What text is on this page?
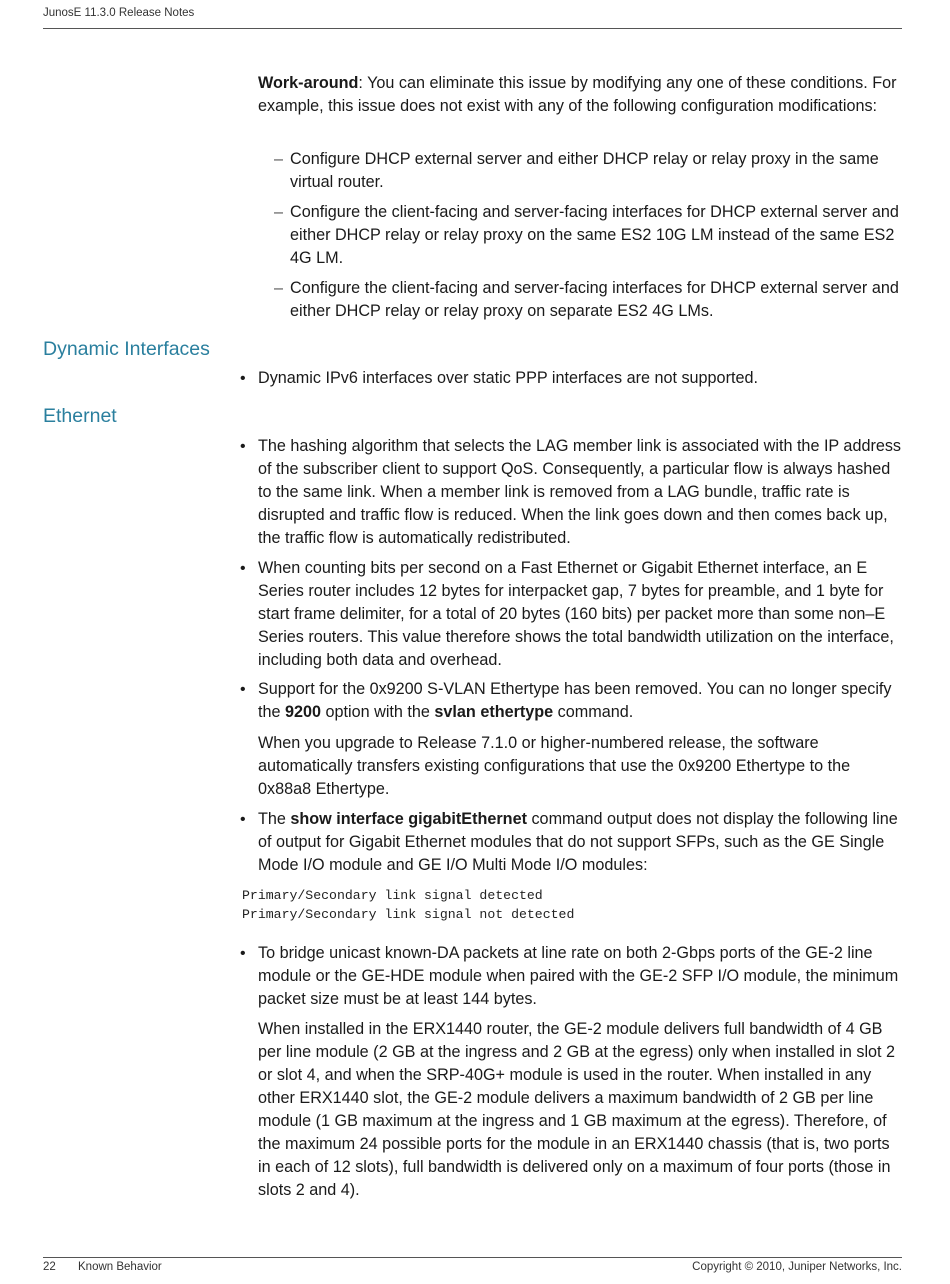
JunosE 11.3.0 Release Notes

Work-around: You can eliminate this issue by modifying any one of these conditions. For example, this issue does not exist with any of the following configuration modifications:

– Configure DHCP external server and either DHCP relay or relay proxy in the same virtual router.
– Configure the client-facing and server-facing interfaces for DHCP external server and either DHCP relay or relay proxy on the same ES2 10G LM instead of the same ES2 4G LM.
– Configure the client-facing and server-facing interfaces for DHCP external server and either DHCP relay or relay proxy on separate ES2 4G LMs.
Dynamic Interfaces
• Dynamic IPv6 interfaces over static PPP interfaces are not supported.
Ethernet
• The hashing algorithm that selects the LAG member link is associated with the IP address of the subscriber client to support QoS. Consequently, a particular flow is always hashed to the same link. When a member link is removed from a LAG bundle, traffic rate is disrupted and traffic flow is reduced. When the link goes down and then comes back up, the traffic flow is automatically redistributed.
• When counting bits per second on a Fast Ethernet or Gigabit Ethernet interface, an E Series router includes 12 bytes for interpacket gap, 7 bytes for preamble, and 1 byte for start frame delimiter, for a total of 20 bytes (160 bits) per packet more than some non–E Series routers. This value therefore shows the total bandwidth utilization on the interface, including both data and overhead.
• Support for the 0x9200 S-VLAN Ethertype has been removed. You can no longer specify the 9200 option with the svlan ethertype command.
When you upgrade to Release 7.1.0 or higher-numbered release, the software automatically transfers existing configurations that use the 0x9200 Ethertype to the 0x88a8 Ethertype.
• The show interface gigabitEthernet command output does not display the following line of output for Gigabit Ethernet modules that do not support SFPs, such as the GE Single Mode I/O module and GE I/O Multi Mode I/O modules:
Primary/Secondary link signal detected
Primary/Secondary link signal not detected
• To bridge unicast known-DA packets at line rate on both 2-Gbps ports of the GE-2 line module or the GE-HDE module when paired with the GE-2 SFP I/O module, the minimum packet size must be at least 144 bytes.
When installed in the ERX1440 router, the GE-2 module delivers full bandwidth of 4 GB per line module (2 GB at the ingress and 2 GB at the egress) only when installed in slot 2 or slot 4, and when the SRP-40G+ module is used in the router. When installed in any other ERX1440 slot, the GE-2 module delivers a maximum bandwidth of 2 GB per line module (1 GB maximum at the ingress and 1 GB maximum at the egress). Therefore, of the maximum 24 possible ports for the module in an ERX1440 chassis (that is, two ports in each of 12 slots), full bandwidth is delivered only on a maximum of four ports (those in slots 2 and 4).
22 Known Behavior	Copyright © 2010, Juniper Networks, Inc.
